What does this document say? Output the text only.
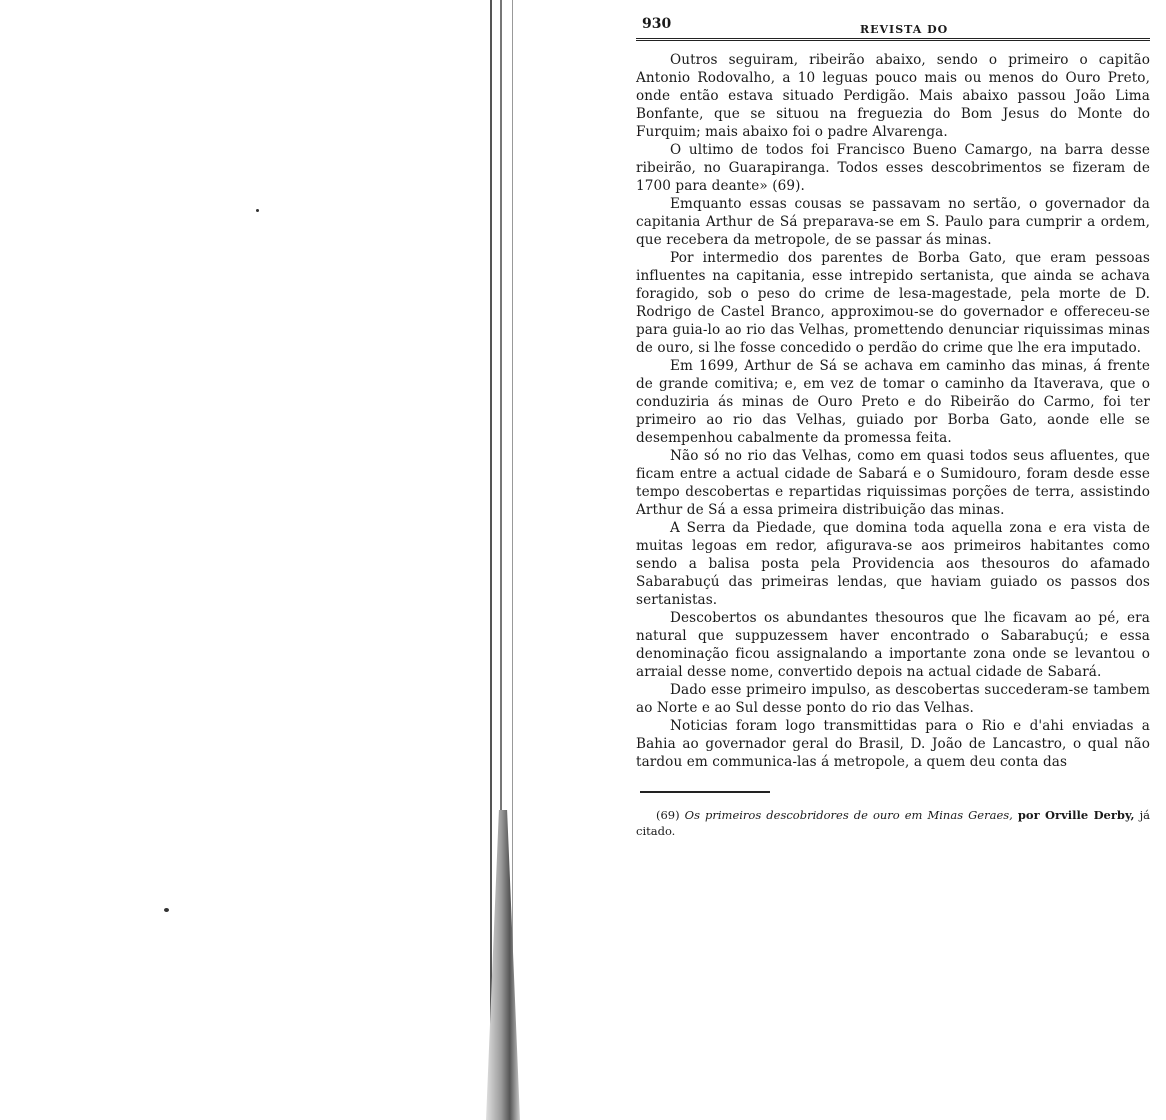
930	REVISTA DO

Outros seguiram, ribeirão abaixo, sendo o primeiro o capitão Antonio Rodovalho, a 10 leguas pouco mais ou menos do Ouro Preto, onde então estava situado Perdigão. Mais abaixo passou João Lima Bonfante, que se situou na freguezia do Bom Jesus do Monte do Furquim; mais abaixo foi o padre Alvarenga.

O ultimo de todos foi Francisco Bueno Camargo, na barra desse ribeirão, no Guarapiranga. Todos esses descobrimentos se fizeram de 1700 para deante» (69).

Emquanto essas cousas se passavam no sertão, o governador da capitania Arthur de Sá preparava-se em S. Paulo para cumprir a ordem, que recebera da metropole, de se passar ás minas.

Por intermedio dos parentes de Borba Gato, que eram pessoas influentes na capitania, esse intrepido sertanista, que ainda se achava foragido, sob o peso do crime de lesa-magestade, pela morte de D. Rodrigo de Castel Branco, approximou-se do governador e offereceu-se para guia-lo ao rio das Velhas, promettendo denunciar riquissimas minas de ouro, si lhe fosse concedido o perdão do crime que lhe era imputado.

Em 1699, Arthur de Sá se achava em caminho das minas, á frente de grande comitiva; e, em vez de tomar o caminho da Itaverava, que o conduziria ás minas de Ouro Preto e do Ribeirão do Carmo, foi ter primeiro ao rio das Velhas, guiado por Borba Gato, aonde elle se desempenhou cabalmente da promessa feita.

Não só no rio das Velhas, como em quasi todos seus afluentes, que ficam entre a actual cidade de Sabará e o Sumidouro, foram desde esse tempo descobertas e repartidas riquissimas porções de terra, assistindo Arthur de Sá a essa primeira distribuição das minas.

A Serra da Piedade, que domina toda aquella zona e era vista de muitas legoas em redor, afigurava-se aos primeiros habitantes como sendo a balisa posta pela Providencia aos thesouros do afamado Sabarabuçú das primeiras lendas, que haviam guiado os passos dos sertanistas.

Descobertos os abundantes thesouros que lhe ficavam ao pé, era natural que suppuzessem haver encontrado o Sabarabuçú; e essa denominação ficou assignalando a importante zona onde se levantou o arraial desse nome, convertido depois na actual cidade de Sabará.

Dado esse primeiro impulso, as descobertas succederam-se tambem ao Norte e ao Sul desse ponto do rio das Velhas.

Noticias foram logo transmittidas para o Rio e d'ahi enviadas a Bahia ao governador geral do Brasil, D. João de Lancastro, o qual não tardou em communica-las á metropole, a quem deu conta das

(69) Os primeiros descobridores de ouro em Minas Geraes, por Orville Derby, já citado.
